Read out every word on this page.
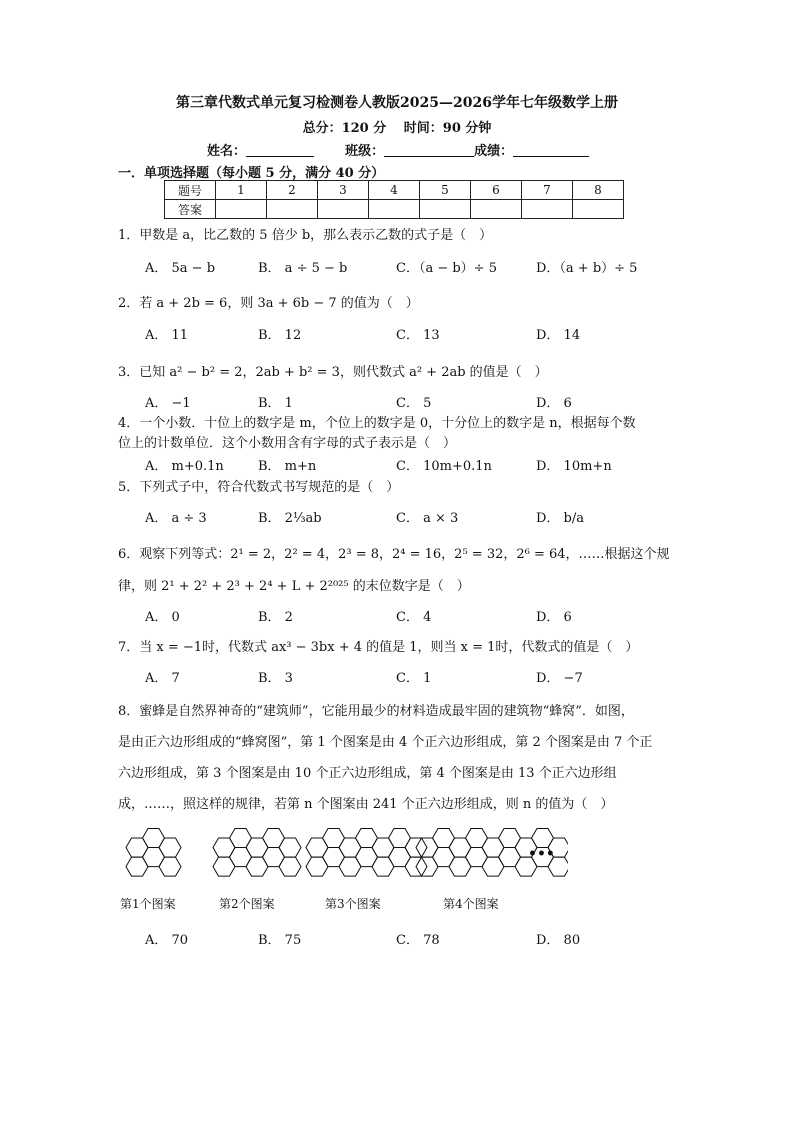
第三章代数式单元复习检测卷人教版2025—2026学年七年级数学上册
总分：120 分　 时间：90 分钟
姓名：	班级：	成绩：
一．单项选择题（每小题 5 分，满分 40 分）
题号	1	2	3	4	5	6	7	8
答案								
1．甲数是 a，比乙数的 5 倍少 b，那么表示乙数的式子是（　）
A． 5a − b	B． a ÷ 5 − b	C．（a − b）÷ 5	D．（a + b）÷ 5
2．若 a + 2b = 6，则 3a + 6b − 7 的值为（　）
A． 11	B． 12	C． 13	D． 14
3．已知 a² − b² = 2，2ab + b² = 3，则代数式 a² + 2ab 的值是（　）
A． −1	B． 1	C． 5	D． 6
4．一个小数．十位上的数字是 m，个位上的数字是 0，十分位上的数字是 n，根据每个数
位上的计数单位．这个小数用含有字母的式子表示是（　）
A． m+0.1n	B． m+n	C． 10m+0.1n	D． 10m+n
5．下列式子中，符合代数式书写规范的是（　）
A． a ÷ 3	B． 2⅓ab	C． a × 3	D． b/a
6．观察下列等式：2¹ = 2，2² = 4，2³ = 8，2⁴ = 16，2⁵ = 32，2⁶ = 64，……根据这个规
律，则 2¹ + 2² + 2³ + 2⁴ + L + 2²⁰²⁵ 的末位数字是（　）
A． 0	B． 2	C． 4	D． 6
7．当 x = −1时，代数式 ax³ − 3bx + 4 的值是 1，则当 x = 1时，代数式的值是（　）
A． 7	B． 3	C． 1	D． −7
8．蜜蜂是自然界神奇的“建筑师”，它能用最少的材料造成最牢固的建筑物“蜂窝”．如图，
是由正六边形组成的“蜂窝图”，第 1 个图案是由 4 个正六边形组成，第 2 个图案是由 7 个正
六边形组成，第 3 个图案是由 10 个正六边形组成，第 4 个图案是由 13 个正六边形组
成，……，照这样的规律，若第 n 个图案由 241 个正六边形组成，则 n 的值为（　）
•••
第1个图案	第2个图案	第3个图案	第4个图案
A． 70	B． 75	C． 78	D． 80
